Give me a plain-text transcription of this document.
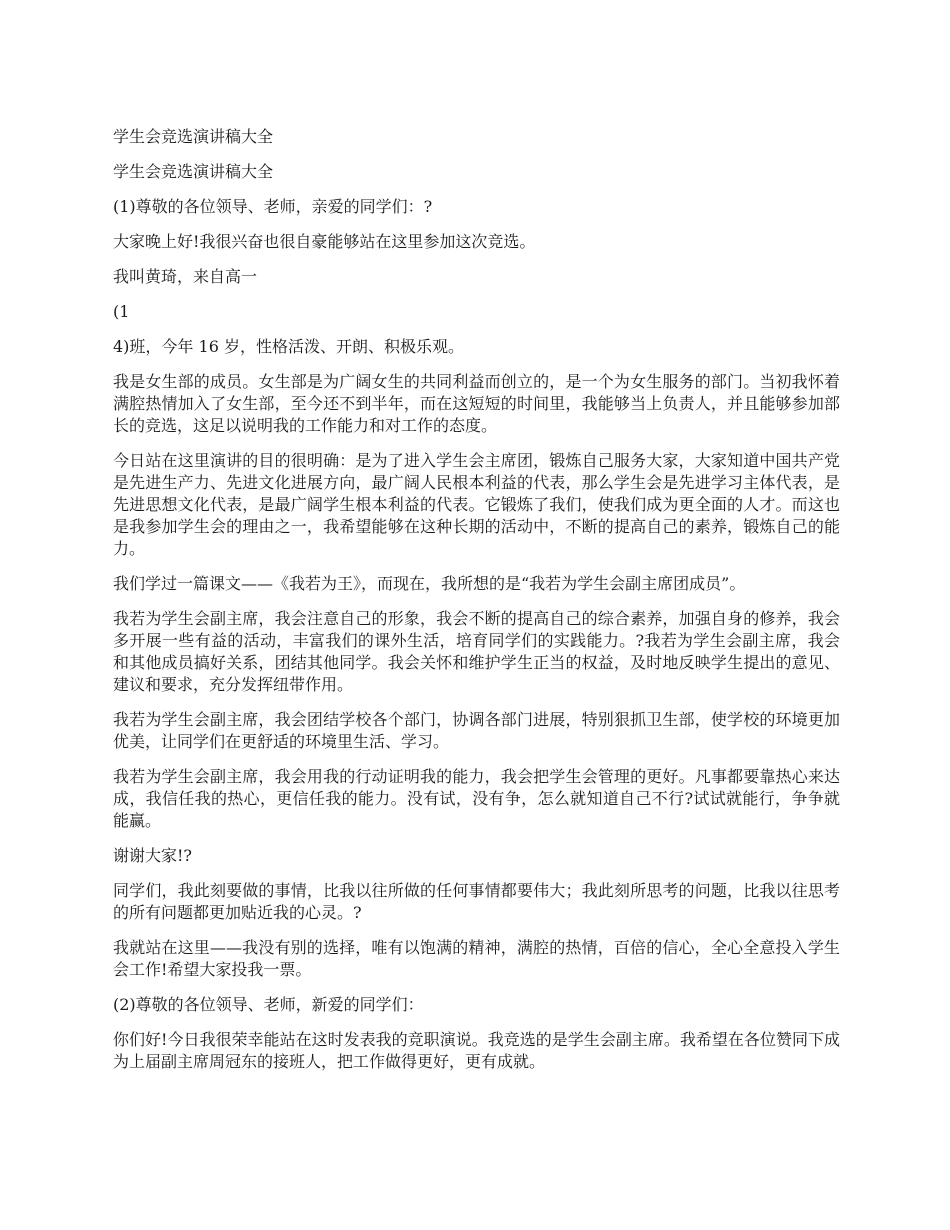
学生会竞选演讲稿大全

学生会竞选演讲稿大全

(1)尊敬的各位领导、老师，亲爱的同学们：?

大家晚上好!我很兴奋也很自豪能够站在这里参加这次竞选。

我叫黄琦，来自高一

(1

4)班，今年 16 岁，性格活泼、开朗、积极乐观。

我是女生部的成员。女生部是为广阔女生的共同利益而创立的，是一个为女生服务的部门。当初我怀着满腔热情加入了女生部，至今还不到半年，而在这短短的时间里，我能够当上负责人，并且能够参加部长的竞选，这足以说明我的工作能力和对工作的态度。

今日站在这里演讲的目的很明确：是为了进入学生会主席团，锻炼自己服务大家，大家知道中国共产党是先进生产力、先进文化进展方向，最广阔人民根本利益的代表，那么学生会是先进学习主体代表，是先进思想文化代表，是最广阔学生根本利益的代表。它锻炼了我们，使我们成为更全面的人才。而这也是我参加学生会的理由之一，我希望能够在这种长期的活动中，不断的提高自己的素养，锻炼自己的能力。

我们学过一篇课文——《我若为王》，而现在，我所想的是“我若为学生会副主席团成员”。

我若为学生会副主席，我会注意自己的形象，我会不断的提高自己的综合素养，加强自身的修养，我会多开展一些有益的活动，丰富我们的课外生活，培育同学们的实践能力。?我若为学生会副主席，我会和其他成员搞好关系，团结其他同学。我会关怀和维护学生正当的权益，及时地反映学生提出的意见、建议和要求，充分发挥纽带作用。

我若为学生会副主席，我会团结学校各个部门，协调各部门进展，特别狠抓卫生部，使学校的环境更加优美，让同学们在更舒适的环境里生活、学习。

我若为学生会副主席，我会用我的行动证明我的能力，我会把学生会管理的更好。凡事都要靠热心来达成，我信任我的热心，更信任我的能力。没有试，没有争，怎么就知道自己不行?试试就能行，争争就能赢。

谢谢大家!?

同学们，我此刻要做的事情，比我以往所做的任何事情都要伟大；我此刻所思考的问题，比我以往思考的所有问题都更加贴近我的心灵。?

我就站在这里——我没有别的选择，唯有以饱满的精神，满腔的热情，百倍的信心，全心全意投入学生会工作!希望大家投我一票。

(2)尊敬的各位领导、老师，新爱的同学们：

你们好!今日我很荣幸能站在这时发表我的竞职演说。我竞选的是学生会副主席。我希望在各位赞同下成为上届副主席周冠东的接班人，把工作做得更好，更有成就。
